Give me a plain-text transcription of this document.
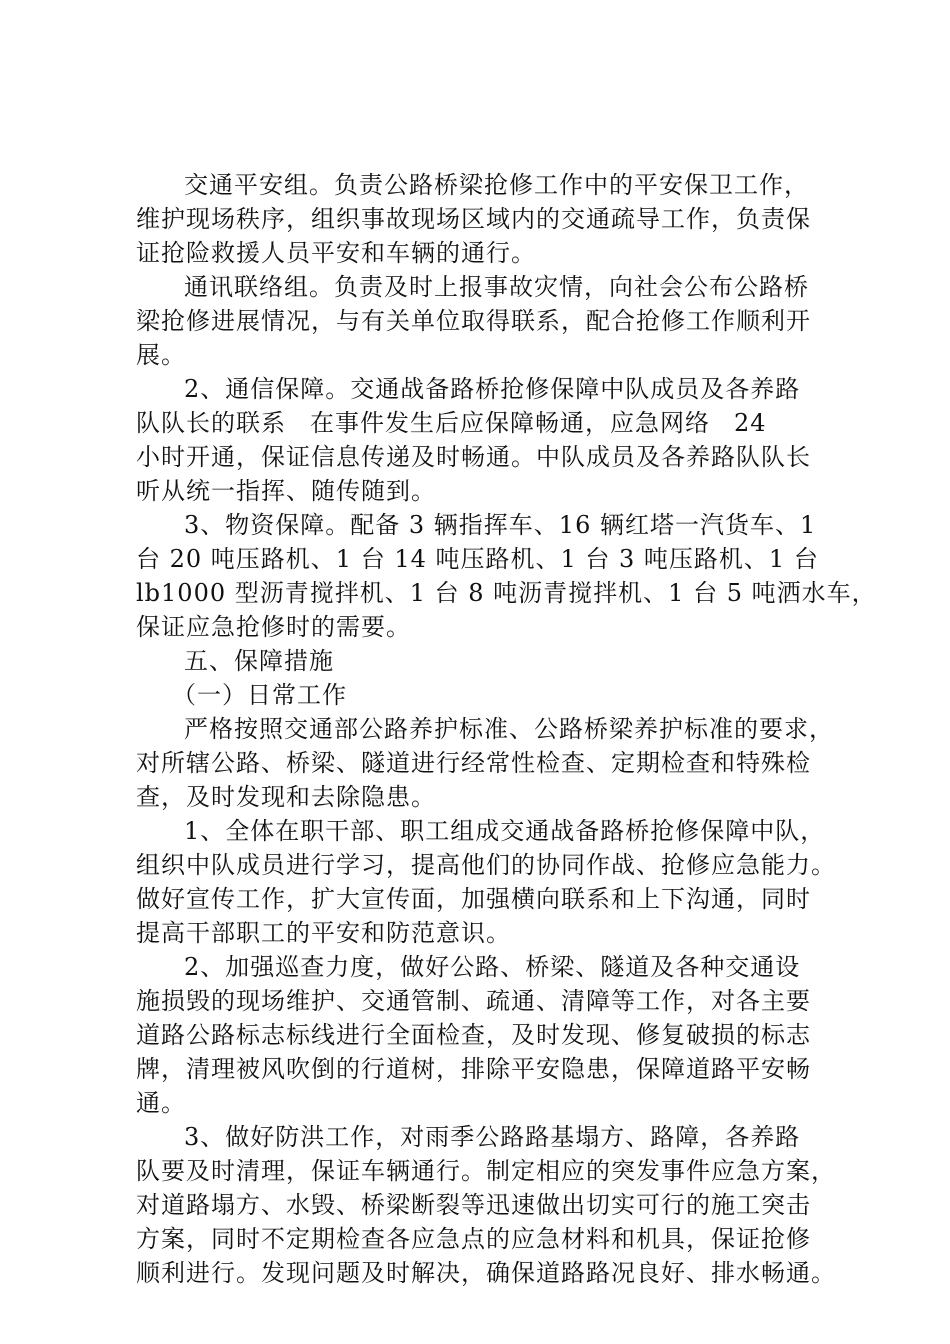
交通平安组。负责公路桥梁抢修工作中的平安保卫工作，
维护现场秩序，组织事故现场区域内的交通疏导工作，负责保
证抢险救援人员平安和车辆的通行。
通讯联络组。负责及时上报事故灾情，向社会公布公路桥
梁抢修进展情况，与有关单位取得联系，配合抢修工作顺利开
展。
2、通信保障。交通战备路桥抢修保障中队成员及各养路
队队长的联系 在事件发生后应保障畅通，应急网络 24
小时开通，保证信息传递及时畅通。中队成员及各养路队队长
听从统一指挥、随传随到。
3、物资保障。配备 3 辆指挥车、16 辆红塔一汽货车、1
台 20 吨压路机、1 台 14 吨压路机、1 台 3 吨压路机、1 台
lb1000 型沥青搅拌机、1 台 8 吨沥青搅拌机、1 台 5 吨洒水车，
保证应急抢修时的需要。
五、保障措施
（一）日常工作
严格按照交通部公路养护标准、公路桥梁养护标准的要求，
对所辖公路、桥梁、隧道进行经常性检查、定期检查和特殊检
查，及时发现和去除隐患。
1、全体在职干部、职工组成交通战备路桥抢修保障中队，
组织中队成员进行学习，提高他们的协同作战、抢修应急能力。
做好宣传工作，扩大宣传面，加强横向联系和上下沟通，同时
提高干部职工的平安和防范意识。
2、加强巡查力度，做好公路、桥梁、隧道及各种交通设
施损毁的现场维护、交通管制、疏通、清障等工作，对各主要
道路公路标志标线进行全面检查，及时发现、修复破损的标志
牌，清理被风吹倒的行道树，排除平安隐患，保障道路平安畅
通。
3、做好防洪工作，对雨季公路路基塌方、路障，各养路
队要及时清理，保证车辆通行。制定相应的突发事件应急方案，
对道路塌方、水毁、桥梁断裂等迅速做出切实可行的施工突击
方案，同时不定期检查各应急点的应急材料和机具，保证抢修
顺利进行。发现问题及时解决，确保道路路况良好、排水畅通。
